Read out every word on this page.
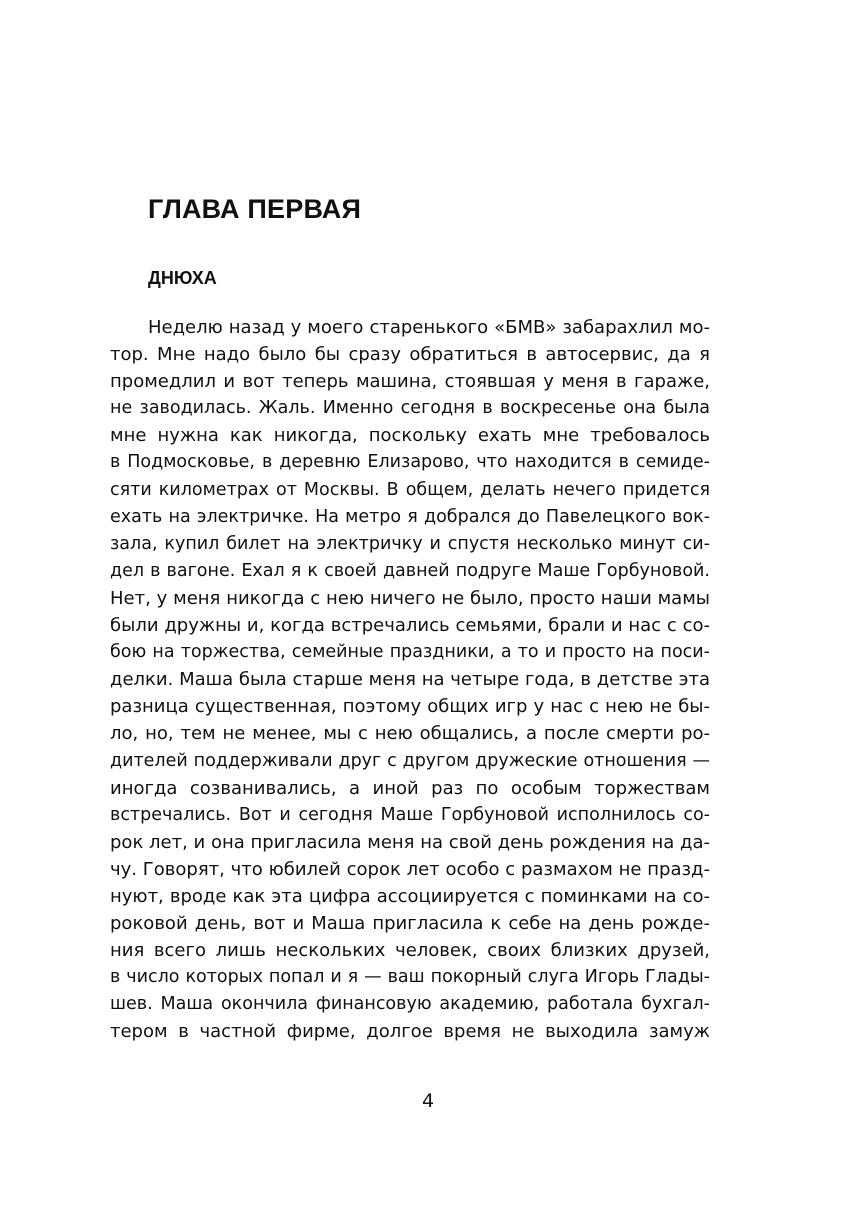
ГЛАВА ПЕРВАЯ
ДНЮХА
Неделю назад у моего старенького «БМВ» забарахлил мо-
тор. Мне надо было бы сразу обратиться в автосервис, да я
промедлил и вот теперь машина, стоявшая у меня в гараже,
не заводилась. Жаль. Именно сегодня в воскресенье она была
мне нужна как никогда, поскольку ехать мне требовалось
в Подмосковье, в деревню Елизарово, что находится в семиде-
сяти километрах от Москвы. В общем, делать нечего придется
ехать на электричке. На метро я добрался до Павелецкого вок-
зала, купил билет на электричку и спустя несколько минут си-
дел в вагоне. Ехал я к своей давней подруге Маше Горбуновой.
Нет, у меня никогда с нею ничего не было, просто наши мамы
были дружны и, когда встречались семьями, брали и нас с со-
бою на торжества, семейные праздники, а то и просто на поси-
делки. Маша была старше меня на четыре года, в детстве эта
разница существенная, поэтому общих игр у нас с нею не бы-
ло, но, тем не менее, мы с нею общались, а после смерти ро-
дителей поддерживали друг с другом дружеские отношения —
иногда созванивались, а иной раз по особым торжествам
встречались. Вот и сегодня Маше Горбуновой исполнилось со-
рок лет, и она пригласила меня на свой день рождения на да-
чу. Говорят, что юбилей сорок лет особо с размахом не празд-
нуют, вроде как эта цифра ассоциируется с поминками на со-
роковой день, вот и Маша пригласила к себе на день рожде-
ния всего лишь нескольких человек, своих близких друзей,
в число которых попал и я — ваш покорный слуга Игорь Глады-
шев. Маша окончила финансовую академию, работала бухгал-
тером в частной фирме, долгое время не выходила замуж
4
